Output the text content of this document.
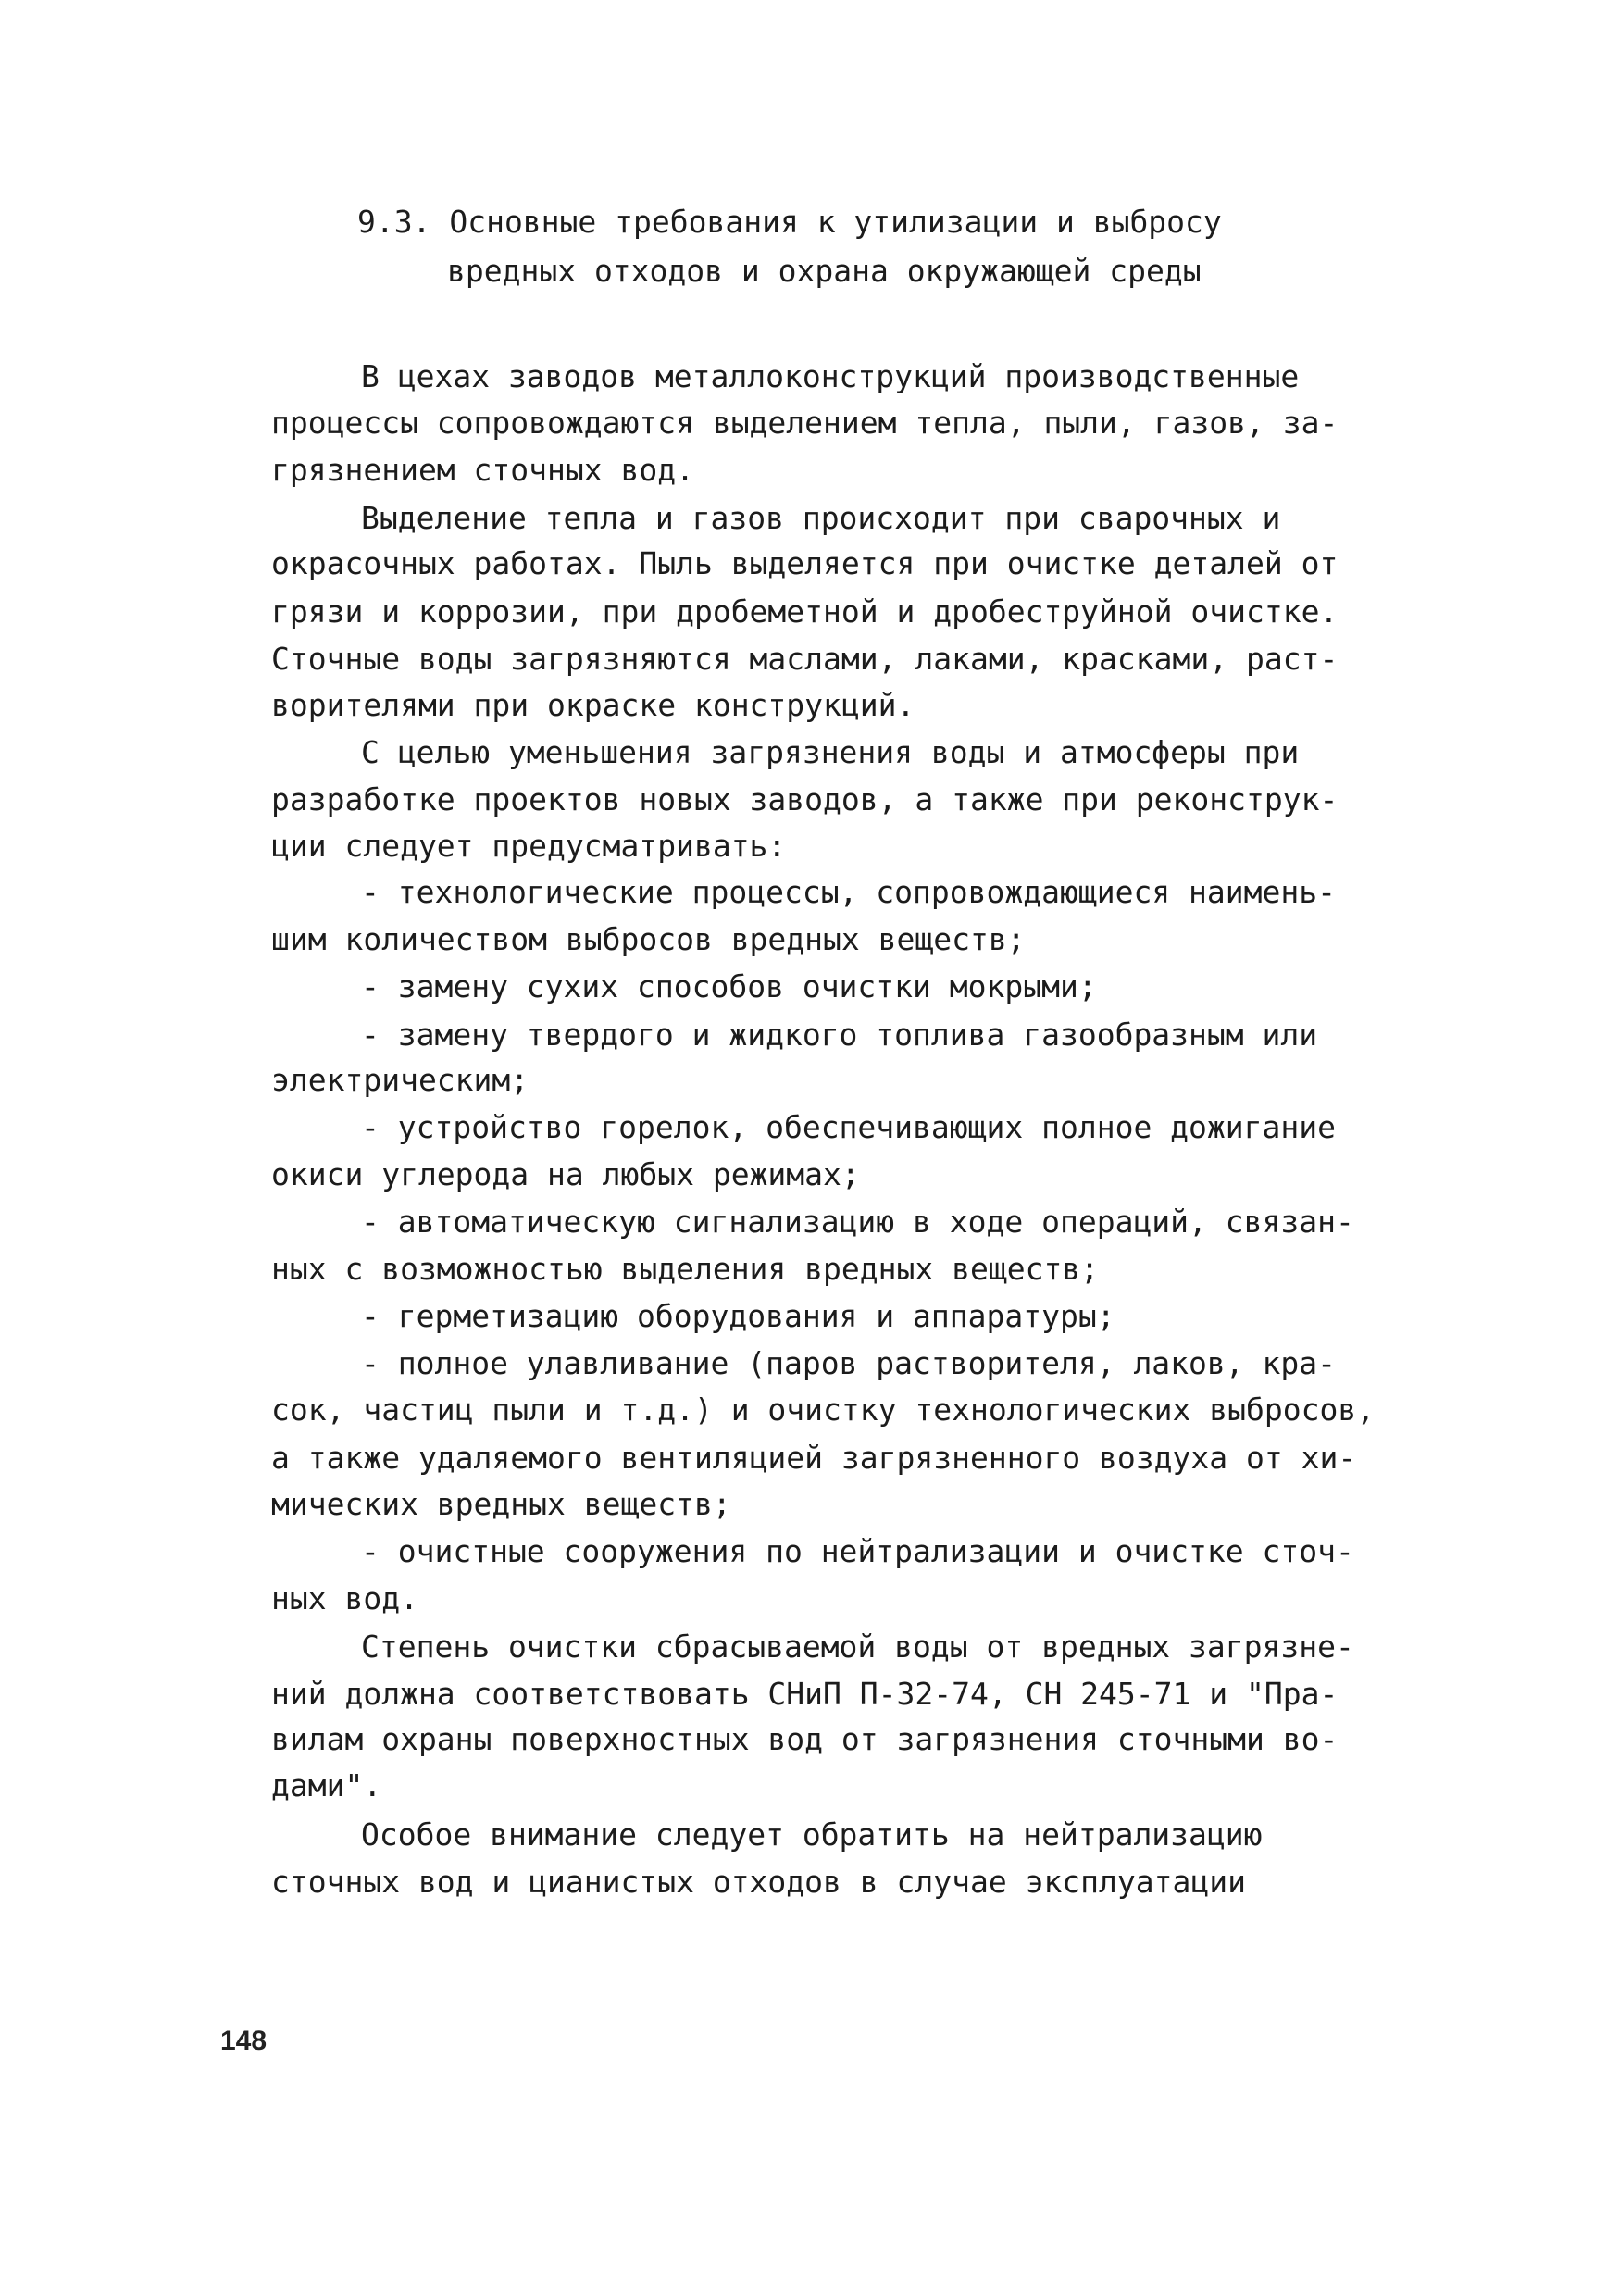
9.3. Основные требования к утилизации и выбросу
вредных отходов и охрана окружающей среды
В цехах заводов металлоконструкций производственные
процессы сопровождаются выделением тепла, пыли, газов, за-
грязнением сточных вод.
Выделение тепла и газов происходит при сварочных и
окрасочных работах. Пыль выделяется при очистке деталей от
грязи и коррозии, при дробеметной и дробеструйной очистке.
Сточные воды загрязняются маслами, лаками, красками, раст-
ворителями при окраске конструкций.
С целью уменьшения загрязнения воды и атмосферы при
разработке проектов новых заводов, а также при реконструк-
ции следует предусматривать:
- технологические процессы, сопровождающиеся наимень-
шим количеством выбросов вредных веществ;
- замену сухих способов очистки мокрыми;
- замену твердого и жидкого топлива газообразным или
электрическим;
- устройство горелок, обеспечивающих полное дожигание
окиси углерода на любых режимах;
- автоматическую сигнализацию в ходе операций, связан-
ных с возможностью выделения вредных веществ;
- герметизацию оборудования и аппаратуры;
- полное улавливание (паров растворителя, лаков, кра-
сок, частиц пыли и т.д.) и очистку технологических выбросов,
а также удаляемого вентиляцией загрязненного воздуха от хи-
мических вредных веществ;
- очистные сооружения по нейтрализации и очистке сточ-
ных вод.
Степень очистки сбрасываемой воды от вредных загрязне-
ний должна соответствовать СНиП П-32-74, СН 245-71 и "Пра-
вилам охраны поверхностных вод от загрязнения сточными во-
дами".
Особое внимание следует обратить на нейтрализацию
сточных вод и цианистых отходов в случае эксплуатации
148
